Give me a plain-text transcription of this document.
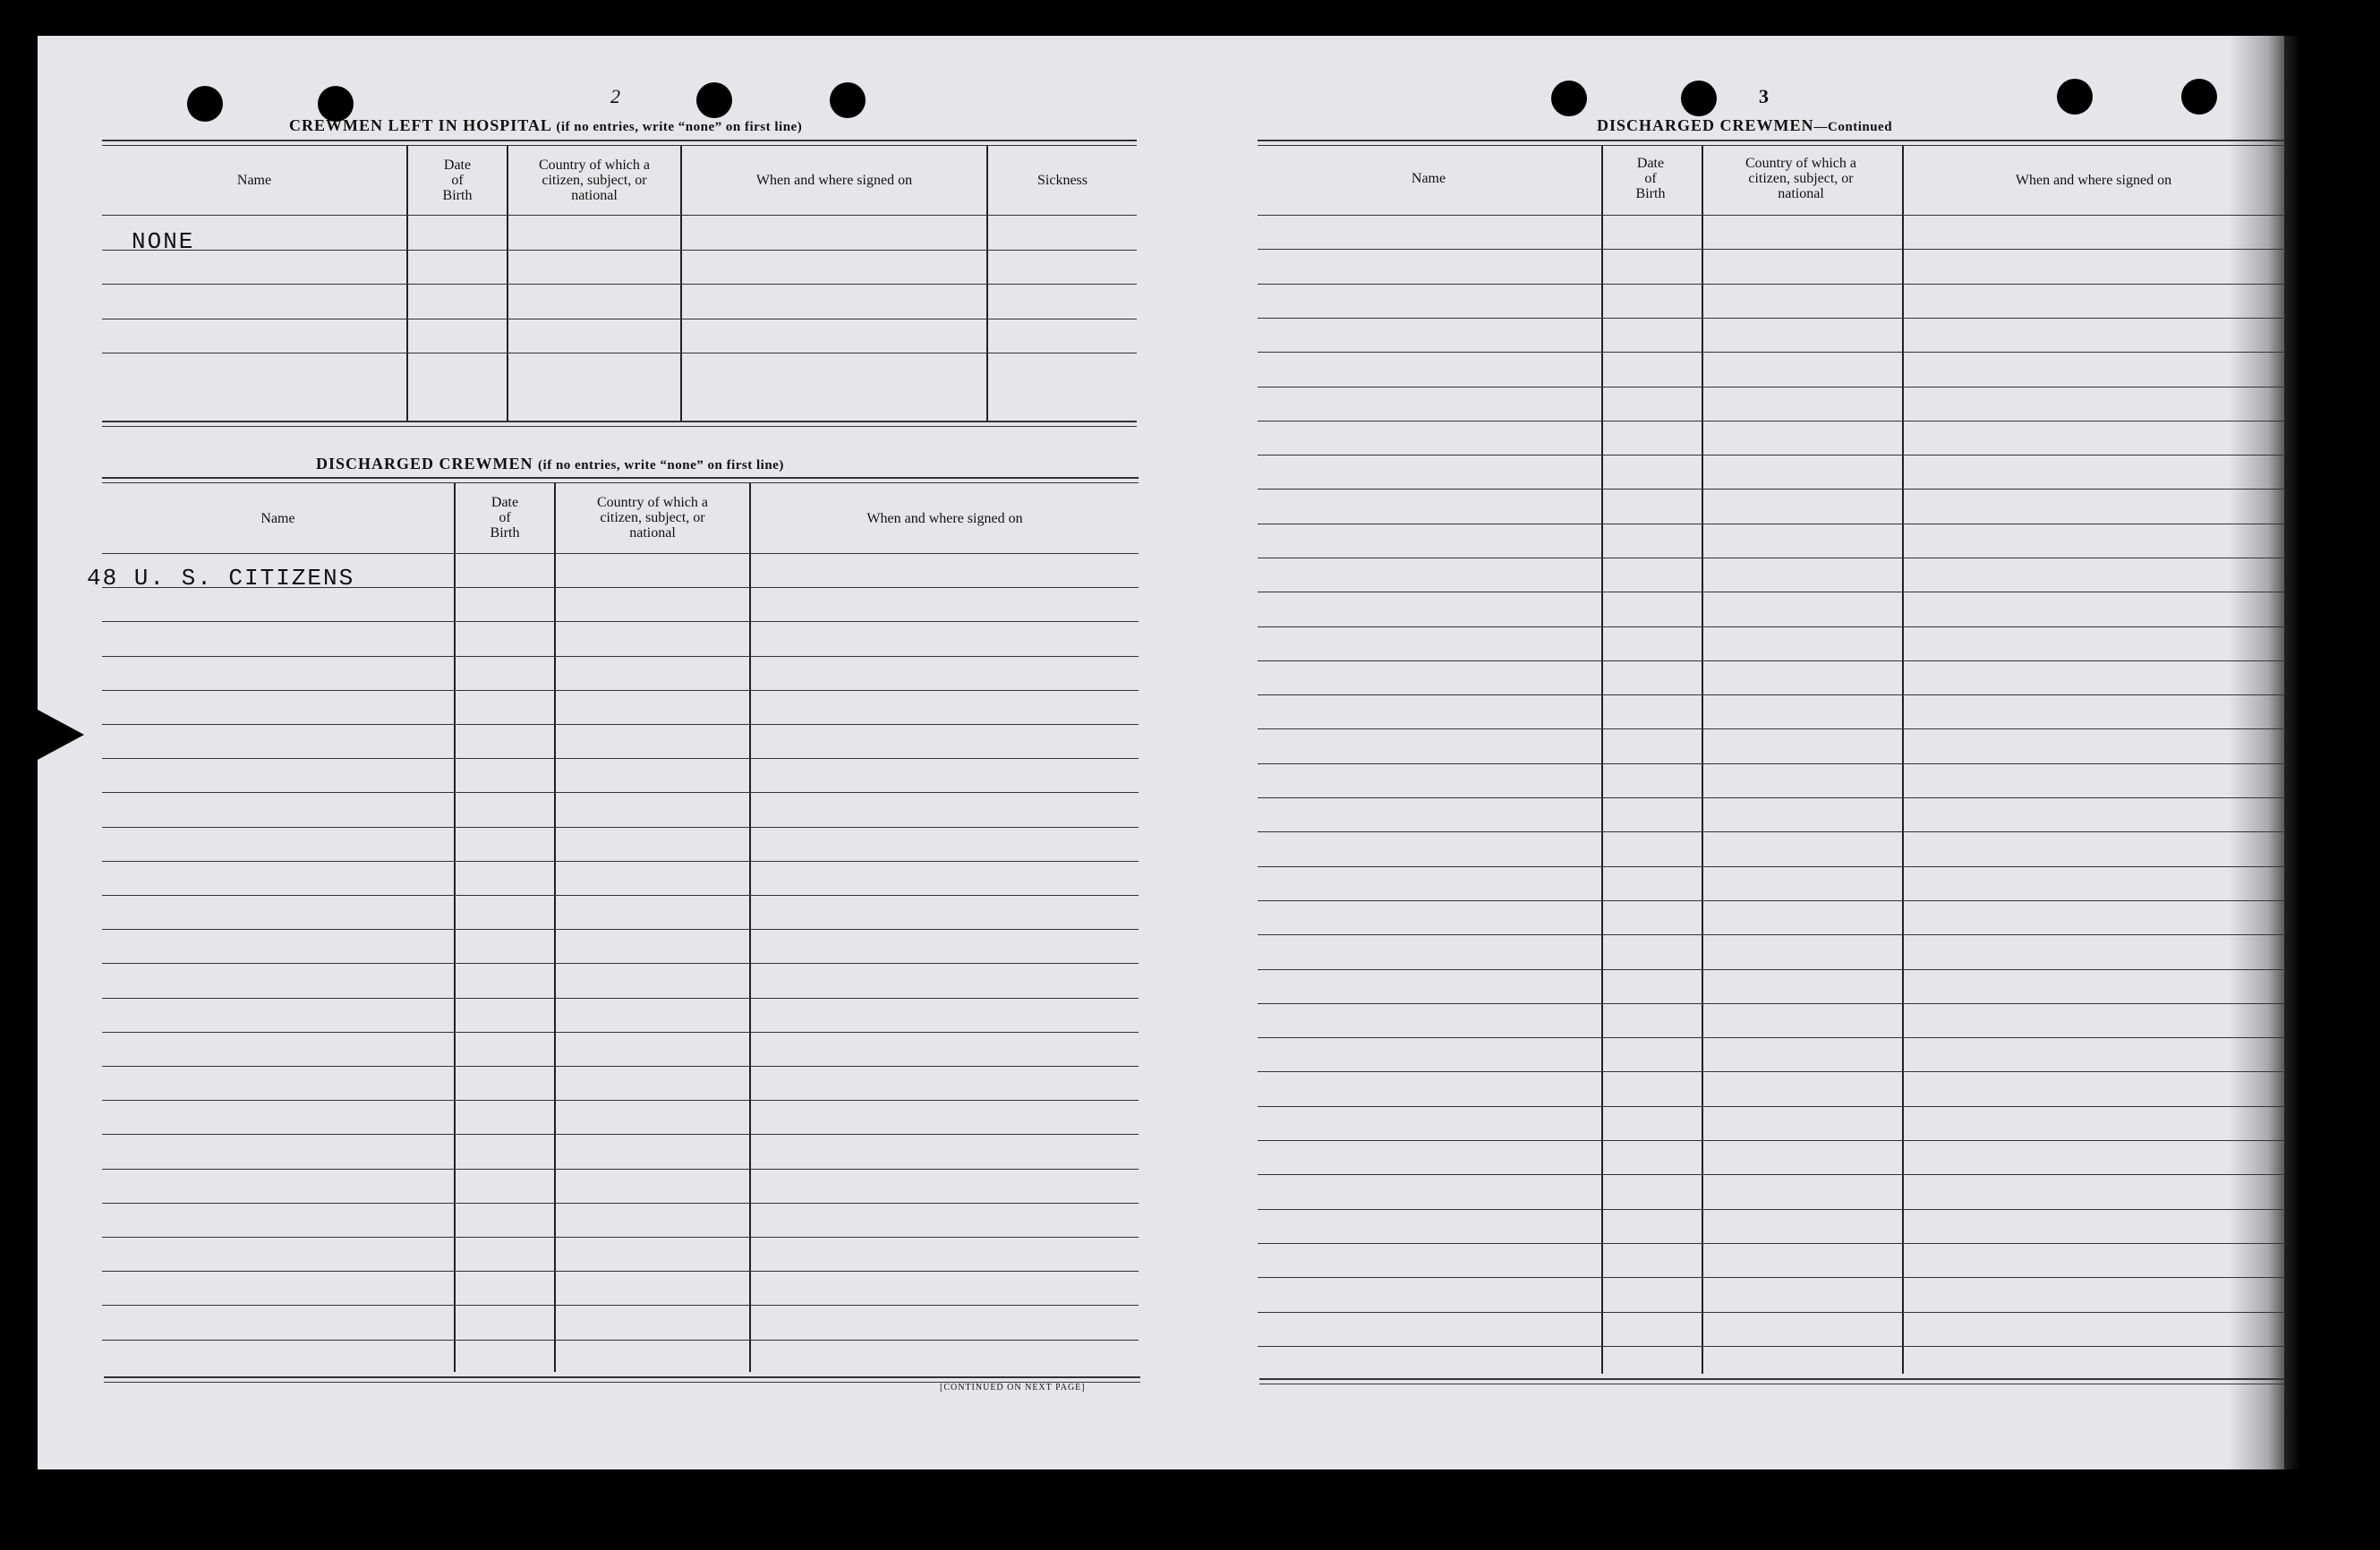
2
CREWMEN LEFT IN HOSPITAL (if no entries, write “none” on first line)
Name
Date
of
Birth
Country of which a
citizen, subject, or
national
When and where signed on	Sickness
NONE
DISCHARGED CREWMEN (if no entries, write “none” on first line)
Name
Date
of
Birth
Country of which a
citizen, subject, or
national
When and where signed on
48 U. S. CITIZENS
[CONTINUED ON NEXT PAGE]
3
DISCHARGED CREWMEN—Continued
Name
Date
of
Birth
Country of which a
citizen, subject, or
national
When and where signed on
